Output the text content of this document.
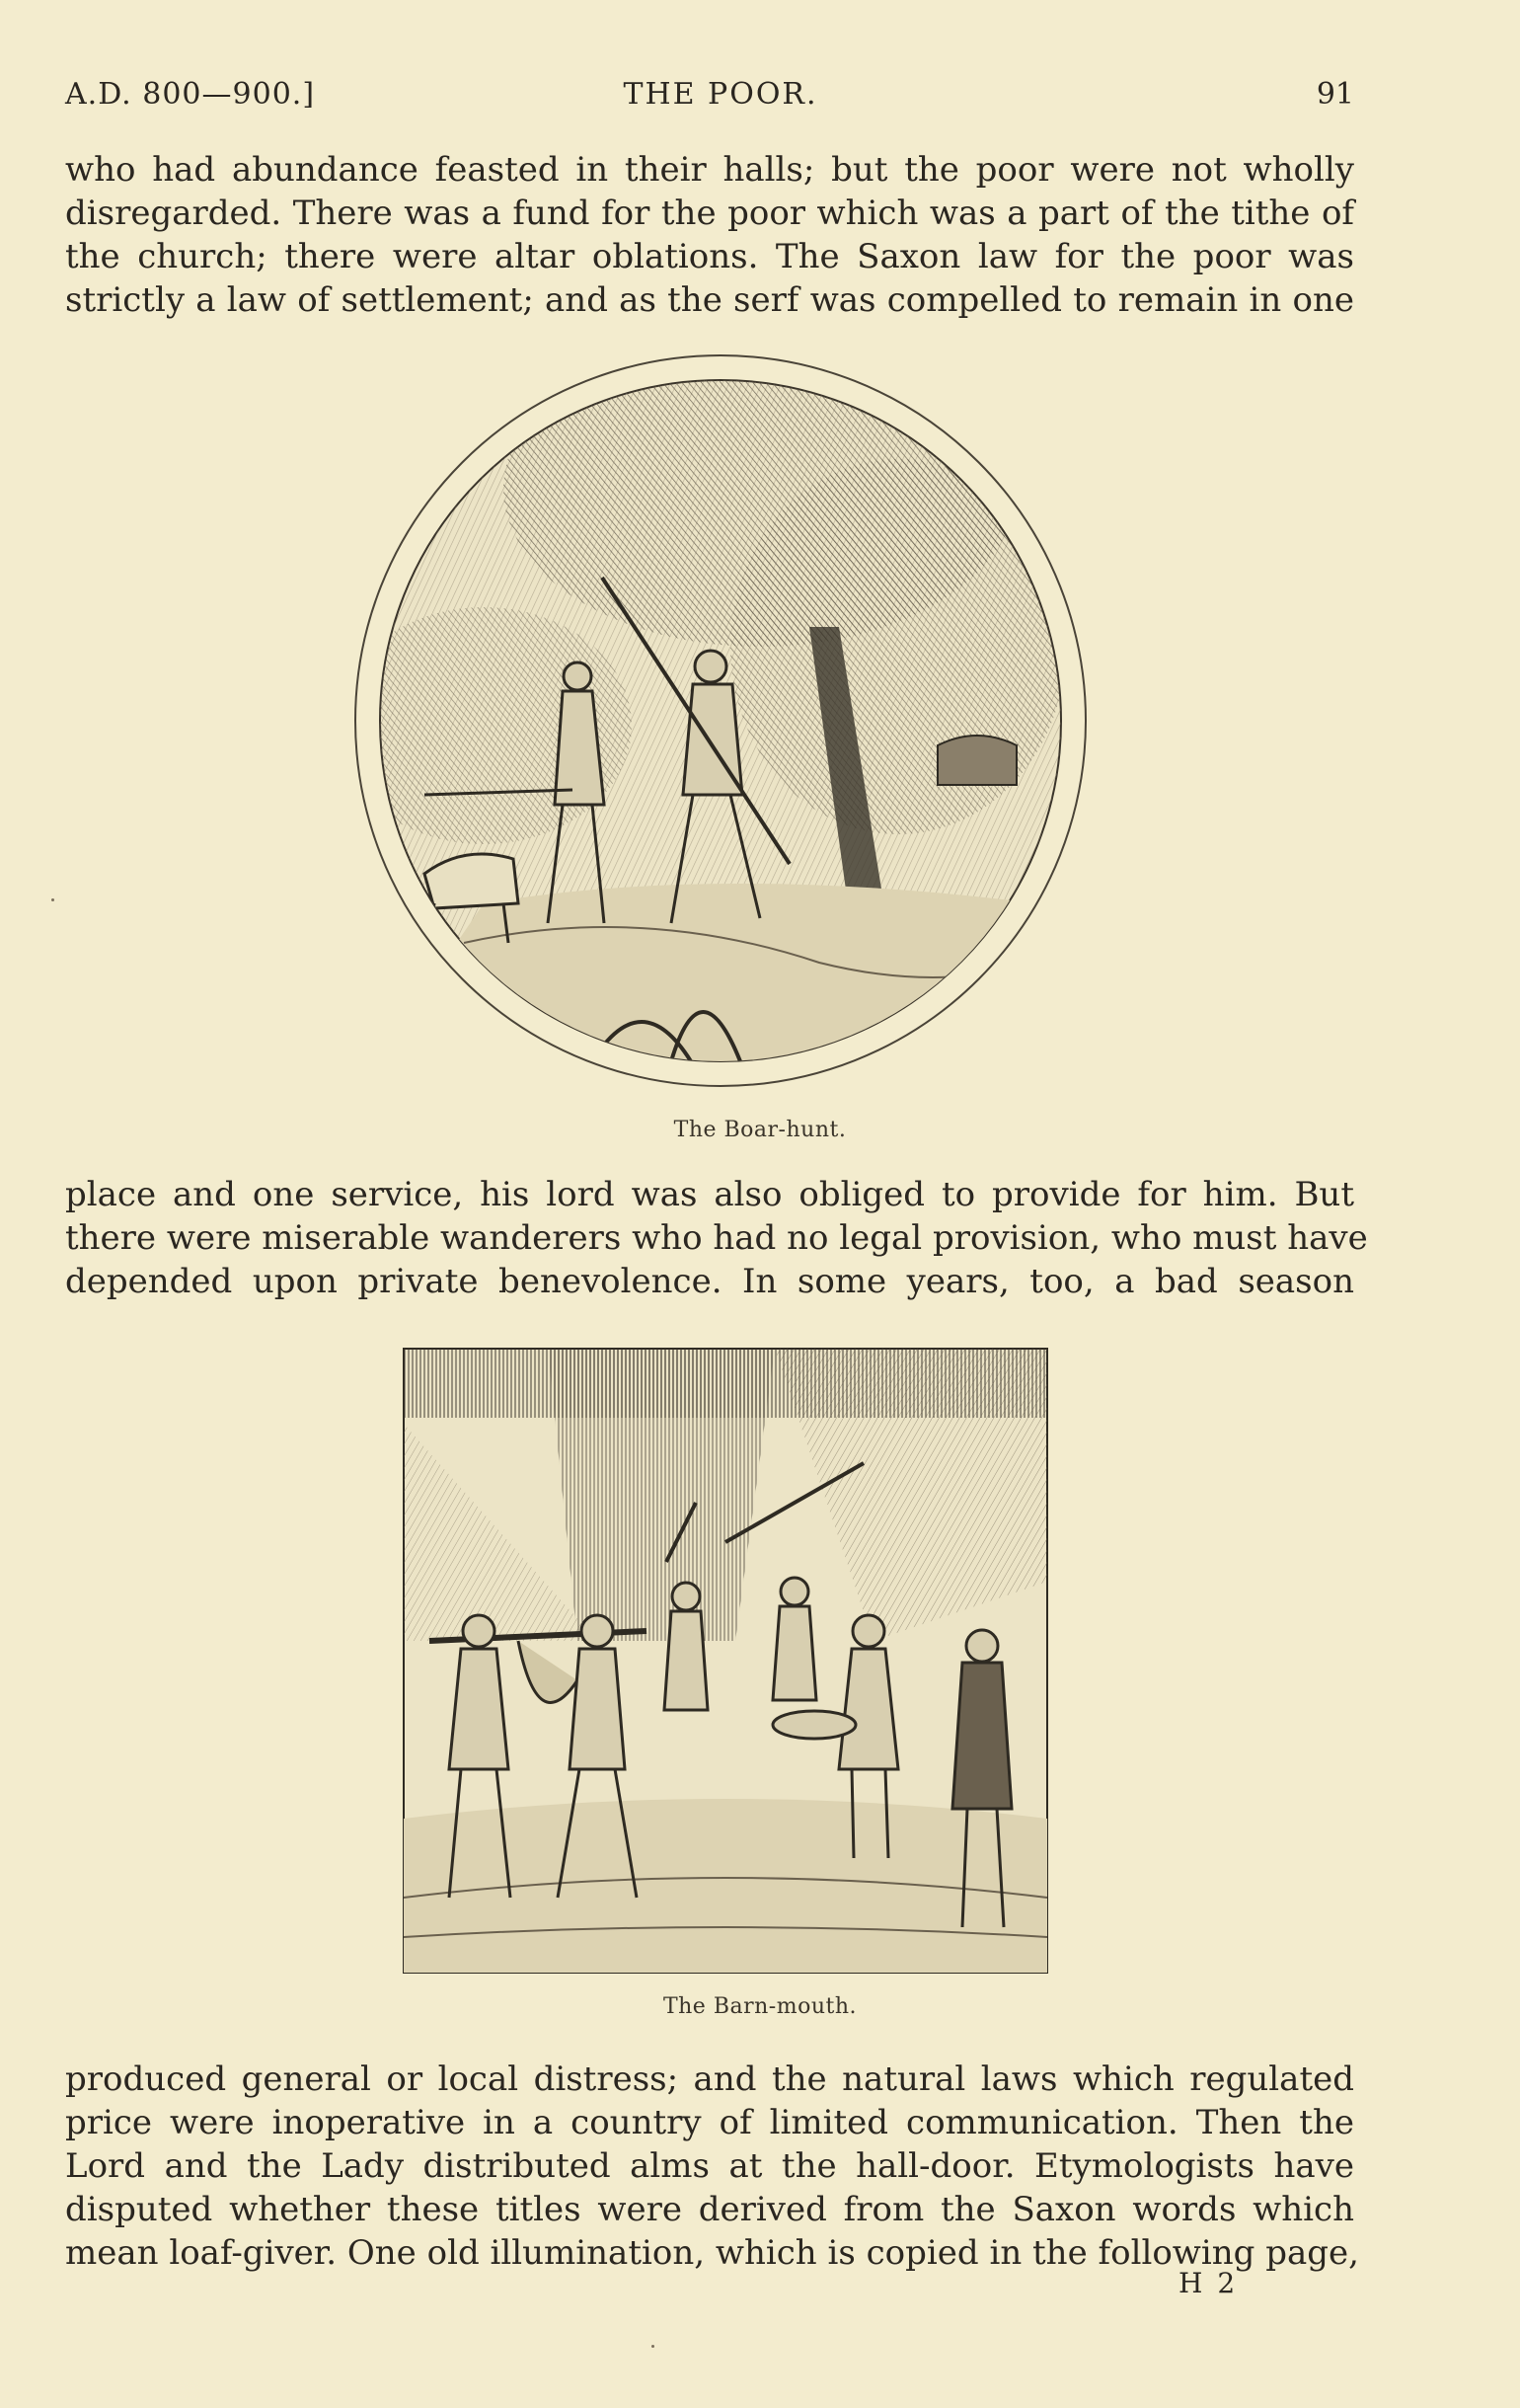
A.D. 800—900.]	THE POOR.	91
who had abundance feasted in their halls; but the poor were not wholly
disregarded. There was a fund for the poor which was a part of the tithe of
the church; there were altar oblations. The Saxon law for the poor was
strictly a law of settlement; and as the serf was compelled to remain in one
The Boar-hunt.
place and one service, his lord was also obliged to provide for him. But
there were miserable wanderers who had no legal provision, who must have
depended upon private benevolence. In some years, too, a bad season
The Barn-mouth.
produced general or local distress; and the natural laws which regulated
price were inoperative in a country of limited communication. Then the
Lord and the Lady distributed alms at the hall-door. Etymologists have
disputed whether these titles were derived from the Saxon words which
mean loaf-giver. One old illumination, which is copied in the following page,
H 2
